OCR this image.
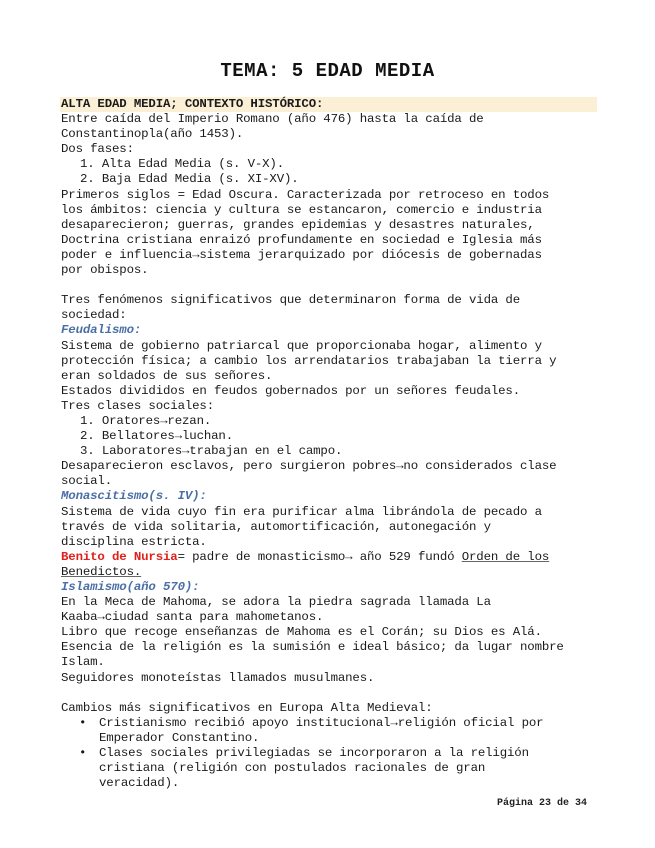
TEMA: 5 EDAD MEDIA
ALTA EDAD MEDIA; CONTEXTO HISTÓRICO:
Entre caída del Imperio Romano (año 476) hasta la caída de
Constantinopla(año 1453).
Dos fases:
1. Alta Edad Media (s. V-X).
2. Baja Edad Media (s. XI-XV).
Primeros siglos = Edad Oscura. Caracterizada por retroceso en todos
los ámbitos: ciencia y cultura se estancaron, comercio e industria
desaparecieron; guerras, grandes epidemias y desastres naturales,
Doctrina cristiana enraizó profundamente en sociedad e Iglesia más
poder e influencia→sistema jerarquizado por diócesis de gobernadas
por obispos.
Tres fenómenos significativos que determinaron forma de vida de
sociedad:
Feudalismo:
Sistema de gobierno patriarcal que proporcionaba hogar, alimento y
protección física; a cambio los arrendatarios trabajaban la tierra y
eran soldados de sus señores.
Estados divididos en feudos gobernados por un señores feudales.
Tres clases sociales:
1. Oratores→rezan.
2. Bellatores→luchan.
3. Laboratores→trabajan en el campo.
Desaparecieron esclavos, pero surgieron pobres→no considerados clase
social.
Monascitismo(s. IV):
Sistema de vida cuyo fin era purificar alma librándola de pecado a
través de vida solitaria, automortificación, autonegación y
disciplina estricta.
Benito de Nursia= padre de monasticismo→ año 529 fundó Orden de los
Benedictos.
Islamismo(año 570):
En la Meca de Mahoma, se adora la piedra sagrada llamada La
Kaaba→ciudad santa para mahometanos.
Libro que recoge enseñanzas de Mahoma es el Corán; su Dios es Alá.
Esencia de la religión es la sumisión e ideal básico; da lugar nombre
Islam.
Seguidores monoteístas llamados musulmanes.
Cambios más significativos en Europa Alta Medieval:
• Cristianismo recibió apoyo institucional→religión oficial por
Emperador Constantino.
• Clases sociales privilegiadas se incorporaron a la religión
cristiana (religión con postulados racionales de gran
veracidad).
Página 23 de 34
